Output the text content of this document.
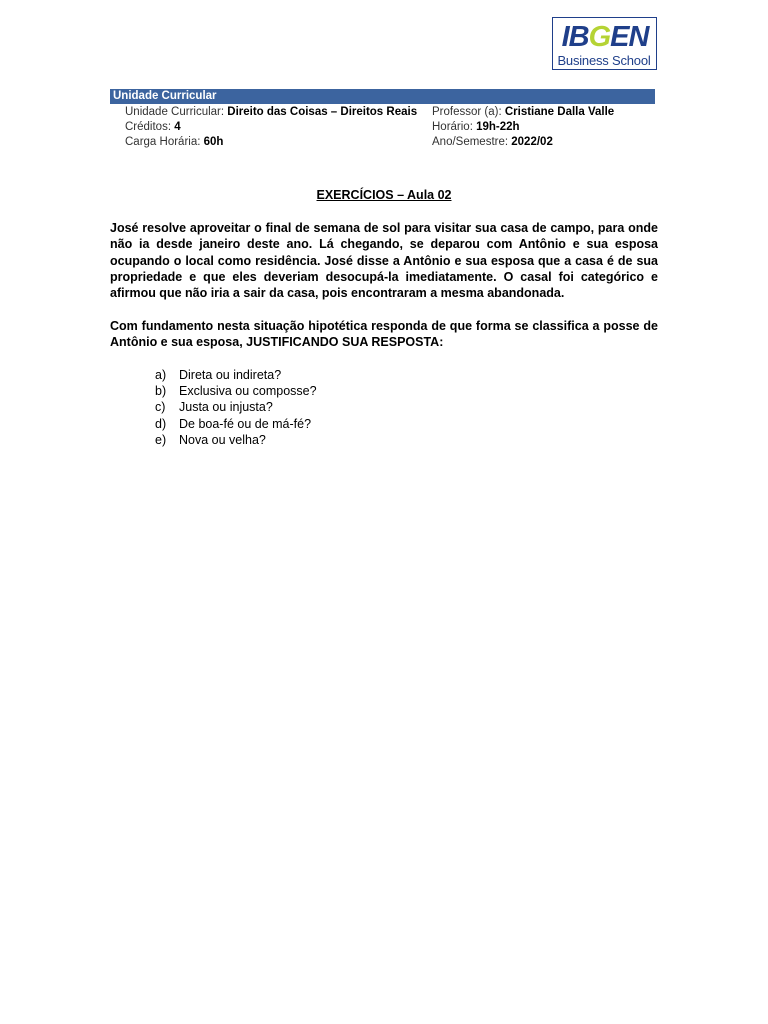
IBGEN
Business School
Unidade Curricular
Unidade Curricular: Direito das Coisas – Direitos Reais
Créditos: 4
Carga Horária: 60h
Professor (a): Cristiane Dalla Valle
Horário: 19h-22h
Ano/Semestre: 2022/02
EXERCÍCIOS – Aula 02

José resolve aproveitar o final de semana de sol para visitar sua casa de campo, para onde não ia desde janeiro deste ano. Lá chegando, se deparou com Antônio e sua esposa ocupando o local como residência. José disse a Antônio e sua esposa que a casa é de sua propriedade e que eles deveriam desocupá-la imediatamente. O casal foi categórico e afirmou que não iria a sair da casa, pois encontraram a mesma abandonada.

Com fundamento nesta situação hipotética responda de que forma se classifica a posse de Antônio e sua esposa, JUSTIFICANDO SUA RESPOSTA:

a) Direta ou indireta?
b) Exclusiva ou composse?
c) Justa ou injusta?
d) De boa-fé ou de má-fé?
e) Nova ou velha?
